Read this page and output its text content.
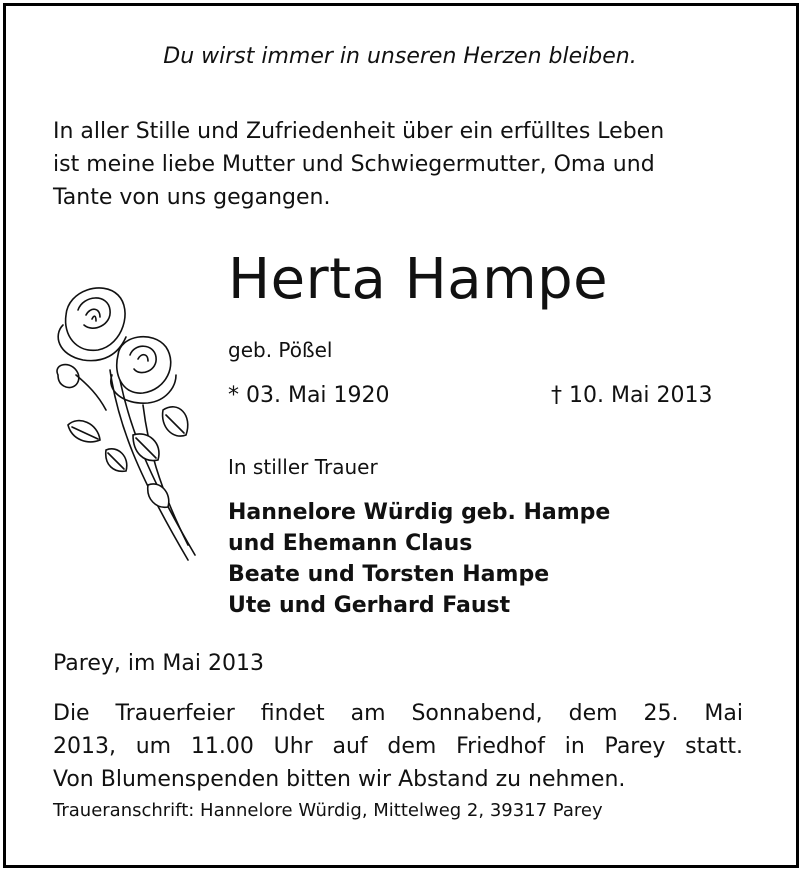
Du wirst immer in unseren Herzen bleiben.
In aller Stille und Zufriedenheit über ein erfülltes Leben
ist meine liebe Mutter und Schwiegermutter, Oma und
Tante von uns gegangen.
Herta Hampe
geb. Pößel
* 03. Mai 1920	† 10. Mai 2013
In stiller Trauer
Hannelore Würdig geb. Hampe
und Ehemann Claus
Beate und Torsten Hampe
Ute und Gerhard Faust
Parey, im Mai 2013
Die Trauerfeier findet am Sonnabend, dem 25. Mai
2013, um 11.00 Uhr auf dem Friedhof in Parey statt.
Von Blumenspenden bitten wir Abstand zu nehmen.
Traueranschrift: Hannelore Würdig, Mittelweg 2, 39317 Parey
